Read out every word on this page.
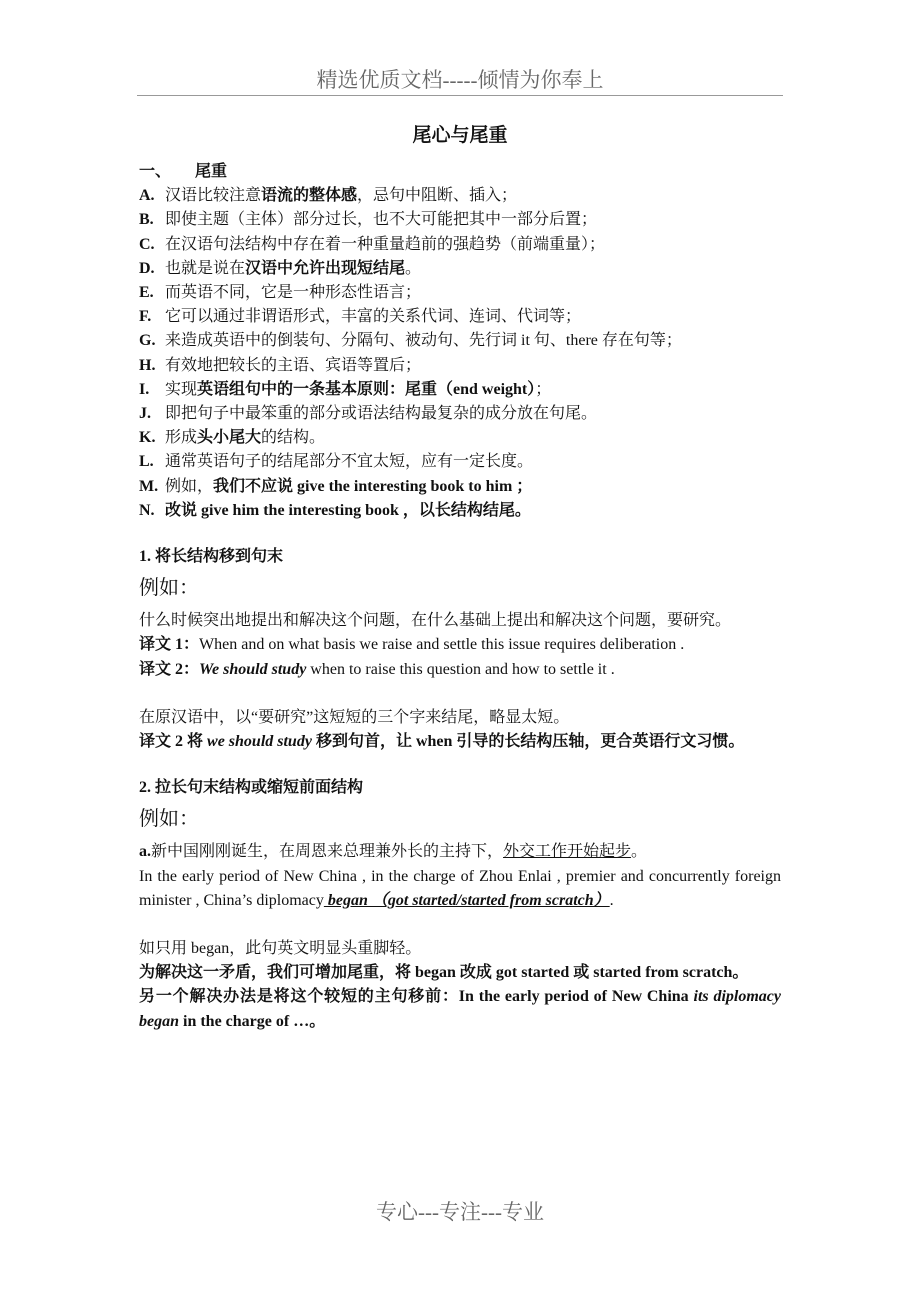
精选优质文档-----倾情为你奉上
尾心与尾重
一、 尾重
A. 汉语比较注意语流的整体感，忌句中阻断、插入；
B. 即使主题（主体）部分过长，也不大可能把其中一部分后置；
C. 在汉语句法结构中存在着一种重量趋前的强趋势（前端重量）；
D. 也就是说在汉语中允许出现短结尾。
E. 而英语不同，它是一种形态性语言；
F. 它可以通过非谓语形式，丰富的关系代词、连词、代词等；
G. 来造成英语中的倒装句、分隔句、被动句、先行词 it 句、there 存在句等；
H. 有效地把较长的主语、宾语等置后；
I. 实现英语组句中的一条基本原则：尾重（end weight）；
J. 即把句子中最笨重的部分或语法结构最复杂的成分放在句尾。
K. 形成头小尾大的结构。
L. 通常英语句子的结尾部分不宜太短，应有一定长度。
M. 例如，我们不应说 give the interesting book to him ；
N. 改说 give him the interesting book ，以长结构结尾。
1. 将长结构移到句末
例如：
什么时候突出地提出和解决这个问题，在什么基础上提出和解决这个问题，要研究。
译文 1：When and on what basis we raise and settle this issue requires deliberation .
译文 2：We should study when to raise this question and how to settle it .
在原汉语中，以“要研究”这短短的三个字来结尾，略显太短。
译文 2 将 we should study 移到句首，让 when 引导的长结构压轴，更合英语行文习惯。
2. 拉长句末结构或缩短前面结构
例如：
a.新中国刚刚诞生，在周恩来总理兼外长的主持下，外交工作开始起步。
In the early period of New China , in the charge of Zhou Enlai , premier and concurrently foreign minister , China’s diplomacy began （got started/started from scratch）.
如只用 began，此句英文明显头重脚轻。
为解决这一矛盾，我们可增加尾重，将 began 改成 got started 或 started from scratch。
另一个解决办法是将这个较短的主句移前：In the early period of New China its diplomacy began in the charge of …。
专心---专注---专业
